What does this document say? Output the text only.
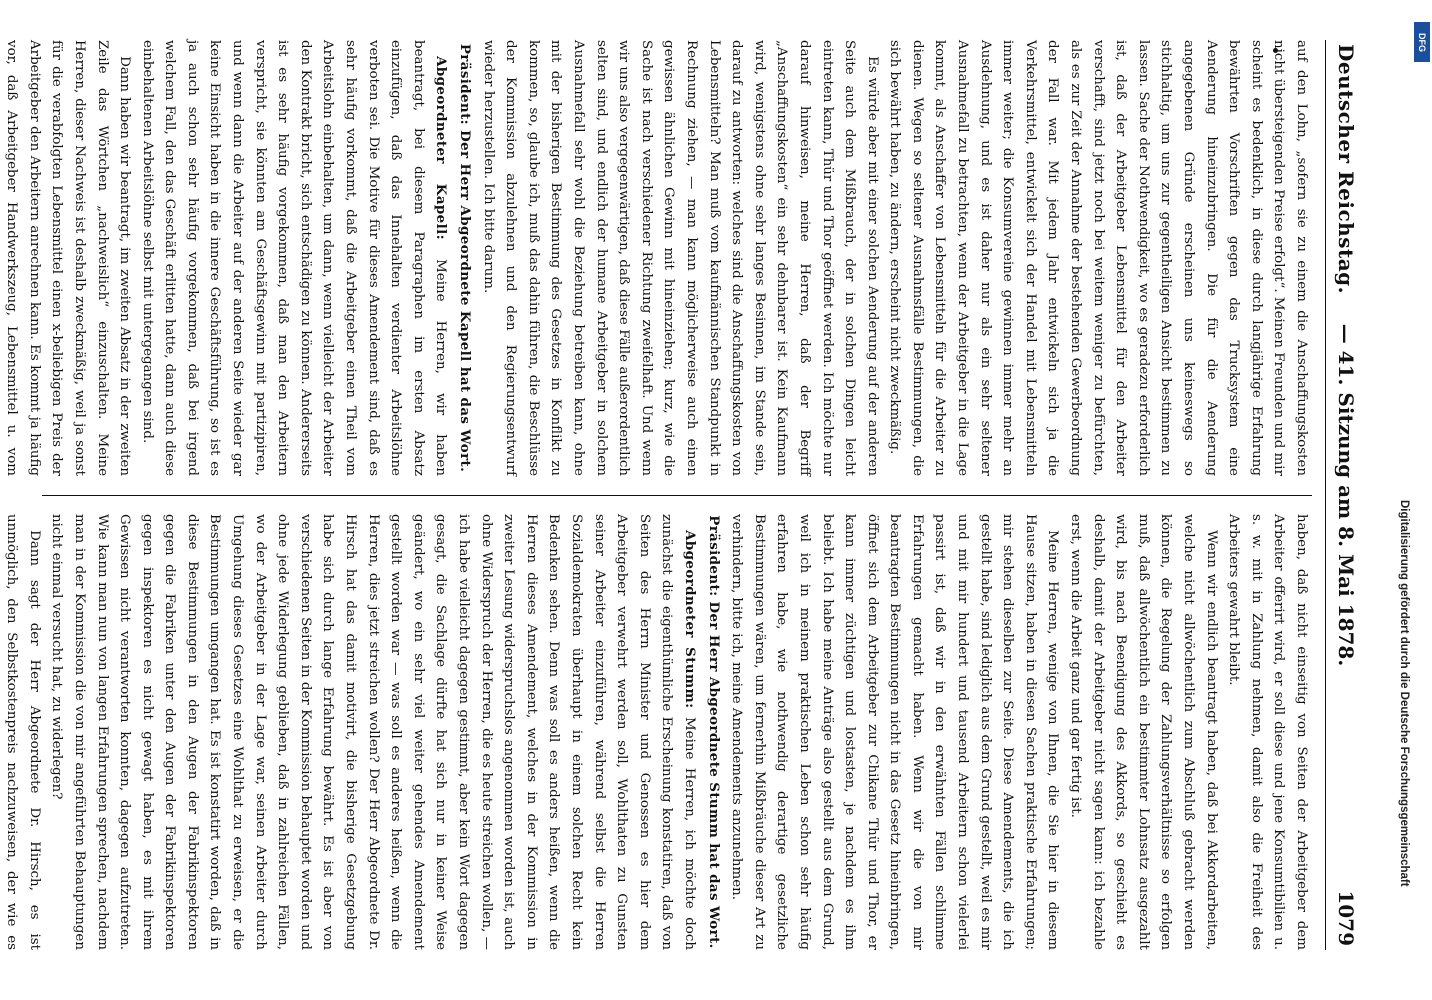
Deutscher Reichstag.
— 41. Sitzung am 8. Mai 1878.
1079

auf den Lohn, „sofern sie zu einem die Anschaffungskosten nicht übersteigenden Preise erfolgt“. Meinen Freunden und mir scheint es bedenklich, in diese durch langjährige Erfahrung bewährten Vorschriften gegen das Trucksystem eine Aenderung hineinzubringen. Die für die Aenderung angegebenen Gründe erscheinen uns keineswegs so stichhaltig, um uns zur gegentheiligen Ansicht bestimmen zu lassen. Sache der Nothwendigkeit, wo es geradezu erforderlich ist, daß der Arbeitgeber Lebensmittel für den Arbeiter verschafft, sind jetzt noch bei weitem weniger zu befürchten, als es zur Zeit der Annahme der bestehenden Gewerbeordnung der Fall war. Mit jedem Jahr entwickeln sich ja die Verkehrsmittel, entwickelt sich der Handel mit Lebensmitteln immer weiter; die Konsumvereine gewinnen immer mehr an Ausdehnung, und es ist daher nur als ein sehr seltener Ausnahmefall zu betrachten, wenn der Arbeitgeber in die Lage kommt, als Anschaffer von Lebensmitteln für die Arbeiter zu dienen. Wegen so seltener Ausnahmsfälle Bestimmungen, die sich bewährt haben, zu ändern, erscheint nicht zweckmäßig.

Es würde aber mit einer solchen Aenderung auf der anderen Seite auch dem Mißbrauch, der in solchen Dingen leicht eintreten kann, Thür und Thor geöffnet werden. Ich möchte nur darauf hinweisen, meine Herren, daß der Begriff „Anschaffungskosten“ ein sehr dehnbarer ist. Kein Kaufmann wird, wenigstens ohne sehr langes Besinnen, im Stande sein, darauf zu antworten: welches sind die Anschaffungskosten von Lebensmitteln? Man muß vom kaufmännischen Standpunkt in Rechnung ziehen, — man kann möglicherweise auch einen gewissen ähnlichen Gewinn mit hineinziehen; kurz, wie die Sache ist nach verschiedener Richtung zweifelhaft. Und wenn wir uns also vergegenwärtigen, daß diese Fälle außerordentlich selten sind, und endlich der humane Arbeitgeber in solchem Ausnahmefall sehr wohl die Beziehung betreiben kann, ohne mit der bisherigen Bestimmung des Gesetzes in Konflikt zu kommen, so, glaube ich, muß das dahin führen, die Beschlüsse der Kommission abzulehnen und den Regierungsentwurf wieder herzustellen. Ich bitte darum.

Präsident: Der Herr Abgeordnete Kapell hat das Wort.

Abgeordneter Kapell: Meine Herren, wir haben beantragt, bei diesem Paragraphen im ersten Absatz einzufügen, daß das Innehalten verdienter Arbeitslöhne verboten sei. Die Motive für dieses Amendement sind, daß es sehr häufig vorkommt, daß die Arbeitgeber einen Theil vom Arbeitslohn einbehalten, um dann, wenn vielleicht der Arbeiter den Kontrakt bricht, sich entschädigen zu können. Andererseits ist es sehr häufig vorgekommen, daß man den Arbeitern verspricht, sie könnten am Geschäftsgewinn mit partizipiren, und wenn dann die Arbeiter auf der anderen Seite wieder gar keine Einsicht haben in die innere Geschäftsführung, so ist es ja auch schon sehr häufig vorgekommen, daß bei irgend welchem Fall, den das Geschäft erlitten hatte, dann auch diese einbehaltenen Arbeitslöhne selbst mit untergegangen sind.

Dann haben wir beantragt, im zweiten Absatz in der zweiten Zeile das Wörtchen „nachweislich“ einzuschalten. Meine Herren, dieser Nachweis ist deshalb zweckmäßig, weil ja sonst für die verabfolgten Lebensmittel einen x-beliebigen Preis der Arbeitgeber den Arbeitern anrechnen kann. Es kommt ja häufig vor, daß Arbeitgeber Handwerkszeug, Lebensmittel u. vom

haben, daß nicht einseitig von Seiten der Arbeitgeber dem Arbeiter offerirt wird, er soll diese und jene Konsumtibilien u. s. w. mit in Zahlung nehmen, damit also die Freiheit des Arbeiters gewahrt bleibt.

Wenn wir endlich beantragt haben, daß bei Akkordarbeiten, welche nicht allwöchentlich zum Abschluß gebracht werden können, die Regelung der Zahlungsverhältnisse so erfolgen muß, daß allwöchentlich ein bestimmter Lohnsatz ausgezahlt wird, bis nach Beendigung des Akkords, so geschieht es deshalb, damit der Arbeitgeber nicht sagen kann: ich bezahle erst, wenn die Arbeit ganz und gar fertig ist.

Meine Herren, wenige von Ihnen, die Sie hier in diesem Hause sitzen, haben in diesen Sachen praktische Erfahrungen; mir stehen dieselben zur Seite. Diese Amendements, die ich gestellt habe, sind lediglich aus dem Grund gestellt, weil es mir und mit mir hundert und tausend Arbeitern schon vielerlei passirt ist, daß wir in den erwähnten Fällen schlimme Erfahrungen gemacht haben. Wenn wir die von mir beantragten Bestimmungen nicht in das Gesetz hineinbringen, öffnet sich dem Arbeitgeber zur Chikane Thür und Thor, er kann immer züchtigen und lostasten, je nachdem es ihm beliebt. Ich habe meine Anträge also gestellt aus dem Grund, weil ich in meinem praktischen Leben schon sehr häufig erfahren habe, wie nothwendig derartige gesetzliche Bestimmungen wären, um fernerhin Mißbräuche dieser Art zu verhindern, bitte ich, meine Amendements anzunehmen.

Präsident: Der Herr Abgeordnete Stumm hat das Wort.

Abgeordneter Stumm: Meine Herren, ich möchte doch zunächst die eigenthümliche Erscheinung konstatiren, daß von Seiten des Herrn Minister und Genossen es hier dem Arbeitgeber verwehrt werden soll, Wohlthaten zu Gunsten seiner Arbeiter einzuführen, während selbst die Herren Sozialdemokraten überhaupt in einem solchen Recht kein Bedenken sehen. Denn was soll es anders heißen, wenn die Herren dieses Amendement, welches in der Kommission in zweiter Lesung widerspruchslos angenommen worden ist, auch ohne Widerspruch der Herren, die es heute streichen wollen, — ich habe vielleicht dagegen gestimmt, aber kein Wort dagegen gesagt, die Sachlage dürfte hat sich nur in keiner Weise geändert, wo ein sehr viel weiter gehendes Amendement gestellt worden war — was soll es anderes heißen, wenn die Herren, dies jetzt streichen wollen? Der Herr Abgeordnete Dr. Hirsch hat das damit motivirt, die bisherige Gesetzgebung habe sich durch lange Erfahrung bewährt. Es ist aber von verschiedenen Seiten in der Kommission behauptet worden und ohne jede Widerlegung geblieben, daß in zahlreichen Fällen, wo der Arbeitgeber in der Lage war, seinen Arbeiter durch Umgehung dieses Gesetzes eine Wohlthat zu erweisen, er die Bestimmungen umgangen hat. Es ist konstatirt worden, daß in diese Bestimmungen in den Augen der Fabrikinspektoren gegen die Fabriken unter den Augen der Fabrikinspektoren gegen inspektoren es nicht gewagt haben, es mit ihrem Gewissen nicht verantworten konnten, dagegen aufzutreten. Wie kann man nun von langen Erfahrungen sprechen, nachdem man in der Kommission die von mir angeführten Behauptungen nicht einmal versucht hat, zu widerlegen?

Dann sagt der Herr Abgeordnete Dr. Hirsch, es ist unmöglich, den Selbstkostenpreis nachzuweisen, der wie es

DFG
Digitalisierung gefördert durch die Deutsche Forschungsgemeinschaft
